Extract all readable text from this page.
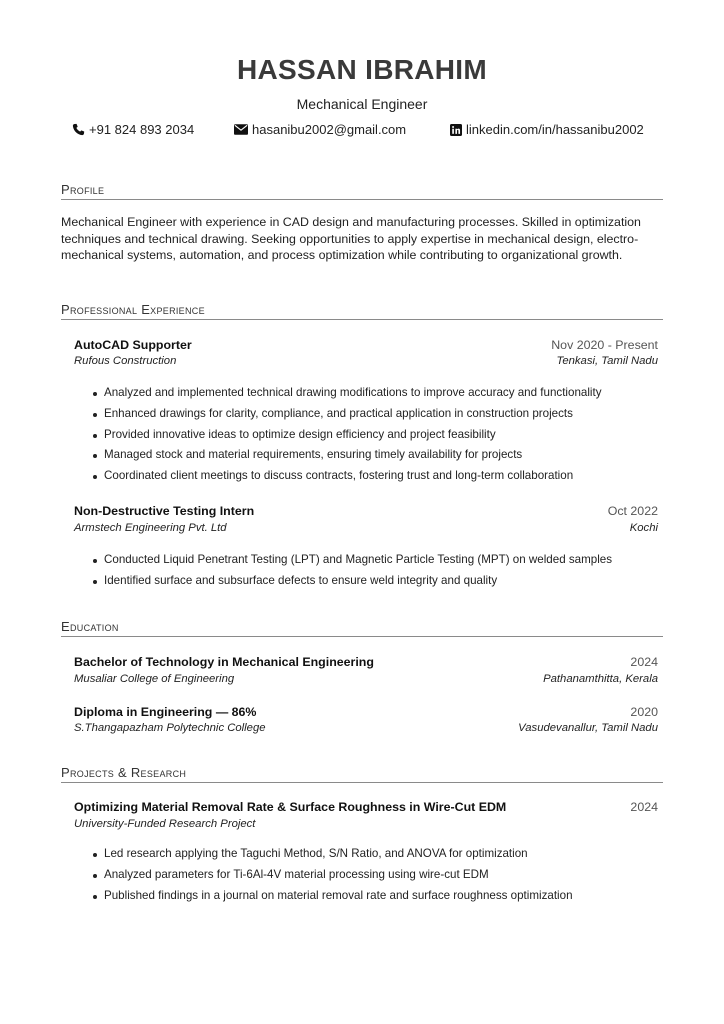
HASSAN IBRAHIM
Mechanical Engineer
+91 824 893 2034	hasanibu2002@gmail.com	linkedin.com/in/hassanibu2002
Profile
Mechanical Engineer with experience in CAD design and manufacturing processes. Skilled in optimization techniques and technical drawing. Seeking opportunities to apply expertise in mechanical design, electro-mechanical systems, automation, and process optimization while contributing to organizational growth.
Professional Experience
AutoCAD Supporter	Nov 2020 - Present
Rufous Construction	Tenkasi, Tamil Nadu
Analyzed and implemented technical drawing modifications to improve accuracy and functionality
Enhanced drawings for clarity, compliance, and practical application in construction projects
Provided innovative ideas to optimize design efficiency and project feasibility
Managed stock and material requirements, ensuring timely availability for projects
Coordinated client meetings to discuss contracts, fostering trust and long-term collaboration
Non-Destructive Testing Intern	Oct 2022
Armstech Engineering Pvt. Ltd	Kochi
Conducted Liquid Penetrant Testing (LPT) and Magnetic Particle Testing (MPT) on welded samples
Identified surface and subsurface defects to ensure weld integrity and quality
Education
Bachelor of Technology in Mechanical Engineering	2024
Musaliar College of Engineering	Pathanamthitta, Kerala
Diploma in Engineering — 86%	2020
S.Thangapazham Polytechnic College	Vasudevanallur, Tamil Nadu
Projects & Research
Optimizing Material Removal Rate & Surface Roughness in Wire-Cut EDM	2024
University-Funded Research Project
Led research applying the Taguchi Method, S/N Ratio, and ANOVA for optimization
Analyzed parameters for Ti-6Al-4V material processing using wire-cut EDM
Published findings in a journal on material removal rate and surface roughness optimization
